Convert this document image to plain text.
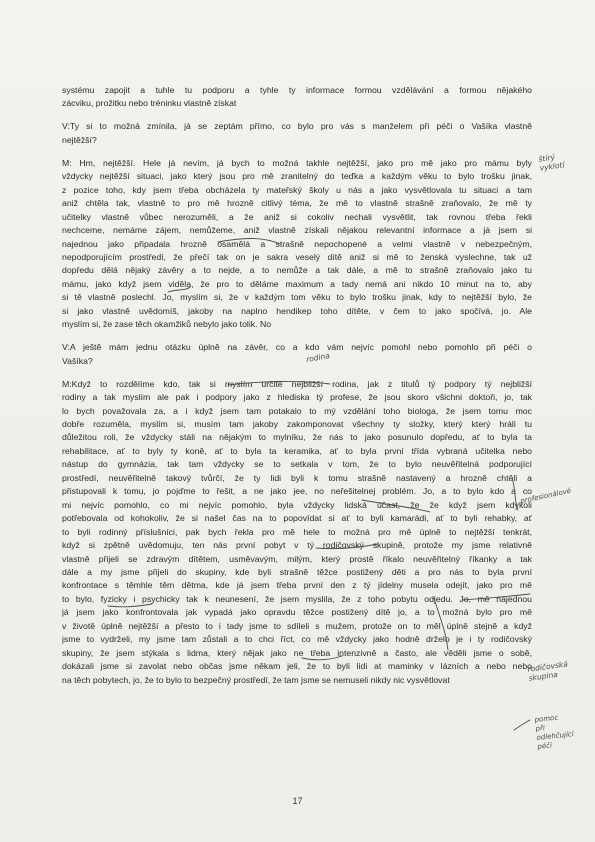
systému zapojit a tuhle tu podporu a tyhle ty informace formou vzdělávání a formou nějakého
zácviku, prožitku nebo tréninku vlastně získat
V:Ty si to možná zmínila, já se zeptám přímo, co bylo pro vás s manželem při péči o Vašíka vlastně
nejtěžší?
M: Hm, nejtěžší. Hele já nevím, já bych to možná takhle nejtěžší, jako pro mě jako pro mámu byly
vždycky nejtěžší situaci, jako který jsou pro mě zranitelný do teďka a každým věku to bylo trošku jinak,
z pozice toho, kdy jsem třeba obcházela ty mateřský školy u nás a jako vysvětlovala tu situaci a tam
aniž chtěla tak, vlastně to pro mě hrozně citlivý téma, že mě to vlastně strašně zraňovalo, že mě ty
učitelky vlastně vůbec nerozuměli, a že aniž si cokoliv nechali vysvětlit, tak rovnou třeba řekli
nechceme, nemáme zájem, nemůžeme, aniž vlastně získali nějakou relevantní informace a já jsem si
najednou jako připadala hrozně osamělá a strašně nepochopené a velmi vlastně v nebezpečným,
nepodporujícím prostředí, že přečí tak on je sakra veselý dítě aniž si mě to ženská vyslechne, tak už
dopředu dělá nějaký závěry a to nejde, a to nemůže a tak dále, a mě to strašně zraňovalo jako tu
mámu, jako když jsem viděla, že pro to děláme maximum a tady nemá ani nikdo 10 minut na to, aby
si tě vlastně poslechl. Jo, myslím si, že v každým tom věku to bylo trošku jinak, kdy to nejtěžší bylo, že
si jako vlastně uvědomíš, jakoby na naplno hendikep toho dítěte, v čem to jako spočívá, jo. Ale
myslím si, že zase těch okamžiků nebylo jako tolik. No
V:A ještě mám jednu otázku úplně na závěr, co a kdo vám nejvíc pomohl nebo pomohlo při péči o
Vašíka?
M:Když to rozdělíme kdo, tak si myslím určitě nejbližší rodina, jak z titulů tý podpory tý nejbližší
rodiny a tak myslím ale pak i podpory jako z hlediska tý profese, že jsou skoro všichni doktoři, jo, tak
lo bych považovala za, a i když jsem tam potakalo to mý vzdělání toho biologa, že jsem tomu moc
dobře rozuměla, myslím si, musím tam jakoby zakomponovat všechny ty složky, který který hráli tu
důležitou roli, že vždycky stáli na nějakým to mylníku, že nás to jako posunulo dopředu, ať to byla ta
rehabilitace, ať to byly ty koně, ať to byla ta keramika, ať to byla první třída vybraná učitelka nebo
nástup do gymnázia, tak tam vždycky se to setkala v tom, že to bylo neuvěřitelná podporující
prostředí, neuvěřitelně takový tvůrčí, že ty lidi byli k tomu strašně nastavený a hrozně chtěli a
přistupovali k tomu, jo pojďme to řešit, a ne jako jee, no neřešitelnej problém. Jo, a to bylo kdo a co
mi nejvíc pomohlo, co mi nejvíc pomohlo, byla vždycky lidská účast, že že když jsem kdykoli
potřebovala od kohokoliv, že si našel čas na to popovídat si ať to byli kamarádi, ať to byli rehabky, ať
to byli rodinný příslušníci, pak bych řekla pro mě hele to možná pro mě úplně to nejtěžší tenkrát,
když si zpětně uvědomuju, ten nás první pobyt v tý rodičovský skupině, protože my jsme relativně
vlastně přijeli se zdravým dítětem, usměvavým, milým, který prostě říkalo neuvěřitelný říkanky a tak
dále a my jsme přijeli do skupiny, kde byli strašně těžce postižený děti a pro nás to byla první
konfrontace s těmhle těm dětma, kde já jsem třeba první den z tý jídelny musela odejít, jako pro mě
to bylo, fyzicky i psychicky tak k neunesení, že jsem myslila, že z toho pobytu odjedu. Jo, mě najednou
já jsem jako konfrontovala jak vypadá jako opravdu těžce postižený dítě jo, a to možná bylo pro mě
v životě úplně nejtěžší a přesto to i tady jsme to sdíleli s mužem, protože on to měl úplně stejně a když
jsme to vydrželi, my jsme tam zůstali a to chci říct, co mě vždycky jako hodně drželo je i ty rodičovský
skupiny, že jsem stýkala s lidma, který nějak jako ne třeba intenzivně a často, ale věděli jsme o sobě,
dokázali jsme si zavolat nebo občas jsme někam jeli, že to byli lidi at maminky v lázních a nebo nebo
na těch pobytech, jo, že to bylo to bezpečný prostředí, že tam jsme se nemuseli nikdy nic vysvětlovat
štírý
vyklotí
rodina
profesionálové
rodičovská
skupina
pomoc
při
odlehčující
péči
17
